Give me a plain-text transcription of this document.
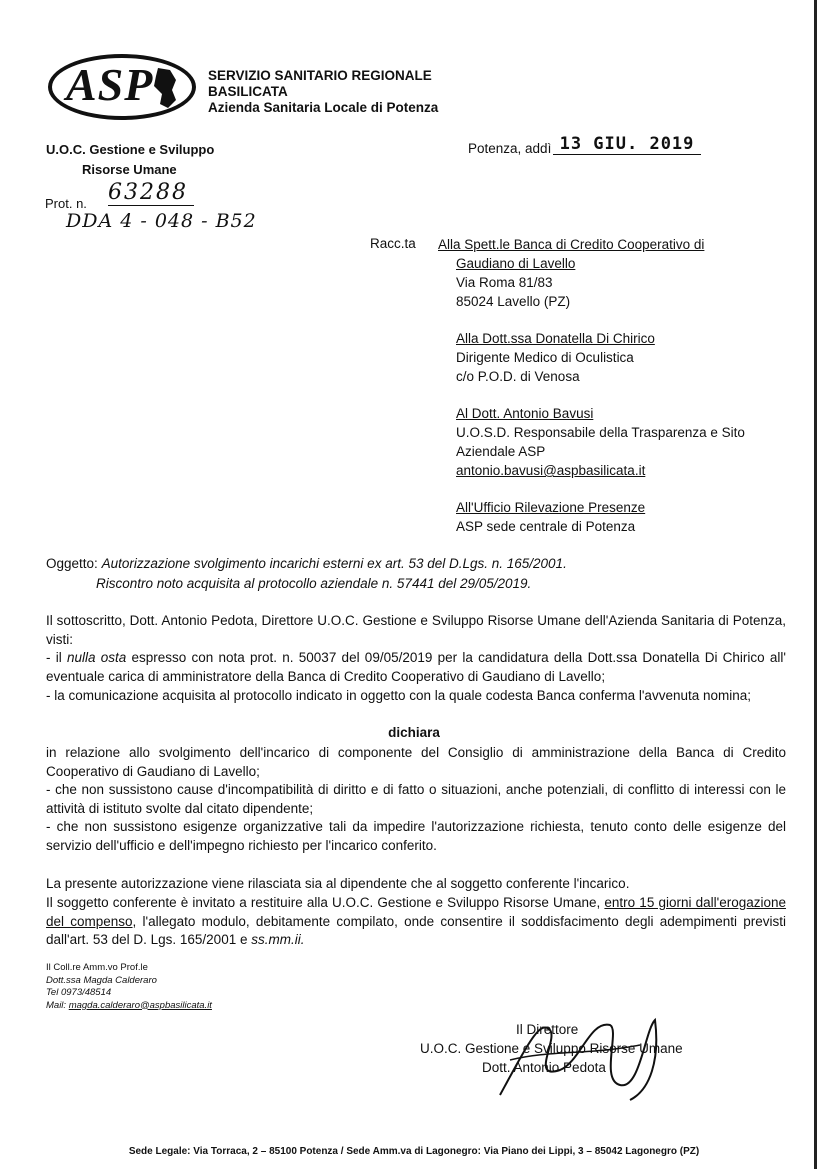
ASP	SERVIZIO SANITARIO REGIONALE
BASILICATA
Azienda Sanitaria Locale di Potenza
U.O.C. Gestione e Sviluppo
Risorse Umane
Potenza, addì 13 GIU. 2019
Prot. n. 63288
DDA 4 - 048 - B52
Racc.ta Alla Spett.le Banca di Credito Cooperativo di
Gaudiano di Lavello
Via Roma 81/83
85024 Lavello (PZ)
Alla Dott.ssa Donatella Di Chirico
Dirigente Medico di Oculistica
c/o P.O.D. di Venosa
Al Dott. Antonio Bavusi
U.O.S.D. Responsabile della Trasparenza e Sito
Aziendale ASP
antonio.bavusi@aspbasilicata.it
All'Ufficio Rilevazione Presenze
ASP sede centrale di Potenza
Oggetto: Autorizzazione svolgimento incarichi esterni ex art. 53 del D.Lgs. n. 165/2001.
Riscontro noto acquisita al protocollo aziendale n. 57441 del 29/05/2019.
Il sottoscritto, Dott. Antonio Pedota, Direttore U.O.C. Gestione e Sviluppo Risorse Umane dell'Azienda Sanitaria di Potenza, visti:
- il nulla osta espresso con nota prot. n. 50037 del 09/05/2019 per la candidatura della Dott.ssa Donatella Di Chirico all' eventuale carica di amministratore della Banca di Credito Cooperativo di Gaudiano di Lavello;
- la comunicazione acquisita al protocollo indicato in oggetto con la quale codesta Banca conferma l'avvenuta nomina;
dichiara
in relazione allo svolgimento dell'incarico di componente del Consiglio di amministrazione della Banca di Credito Cooperativo di Gaudiano di Lavello;
- che non sussistono cause d'incompatibilità di diritto e di fatto o situazioni, anche potenziali, di conflitto di interessi con le attività di istituto svolte dal citato dipendente;
- che non sussistono esigenze organizzative tali da impedire l'autorizzazione richiesta, tenuto conto delle esigenze del servizio dell'ufficio e dell'impegno richiesto per l'incarico conferito.
La presente autorizzazione viene rilasciata sia al dipendente che al soggetto conferente l'incarico.
Il soggetto conferente è invitato a restituire alla U.O.C. Gestione e Sviluppo Risorse Umane, entro 15 giorni dall'erogazione del compenso, l'allegato modulo, debitamente compilato, onde consentire il soddisfacimento degli adempimenti previsti dall'art. 53 del D. Lgs. 165/2001 e ss.mm.ii.
Il Coll.re Amm.vo Prof.le
Dott.ssa Magda Calderaro
Tel 0973/48514
Mail: magda.calderaro@aspbasilicata.it
Il Direttore
U.O.C. Gestione e Sviluppo Risorse Umane
Dott. Antonio Pedota
Sede Legale: Via Torraca, 2 – 85100 Potenza / Sede Amm.va di Lagonegro: Via Piano dei Lippi, 3 – 85042 Lagonegro (PZ)
